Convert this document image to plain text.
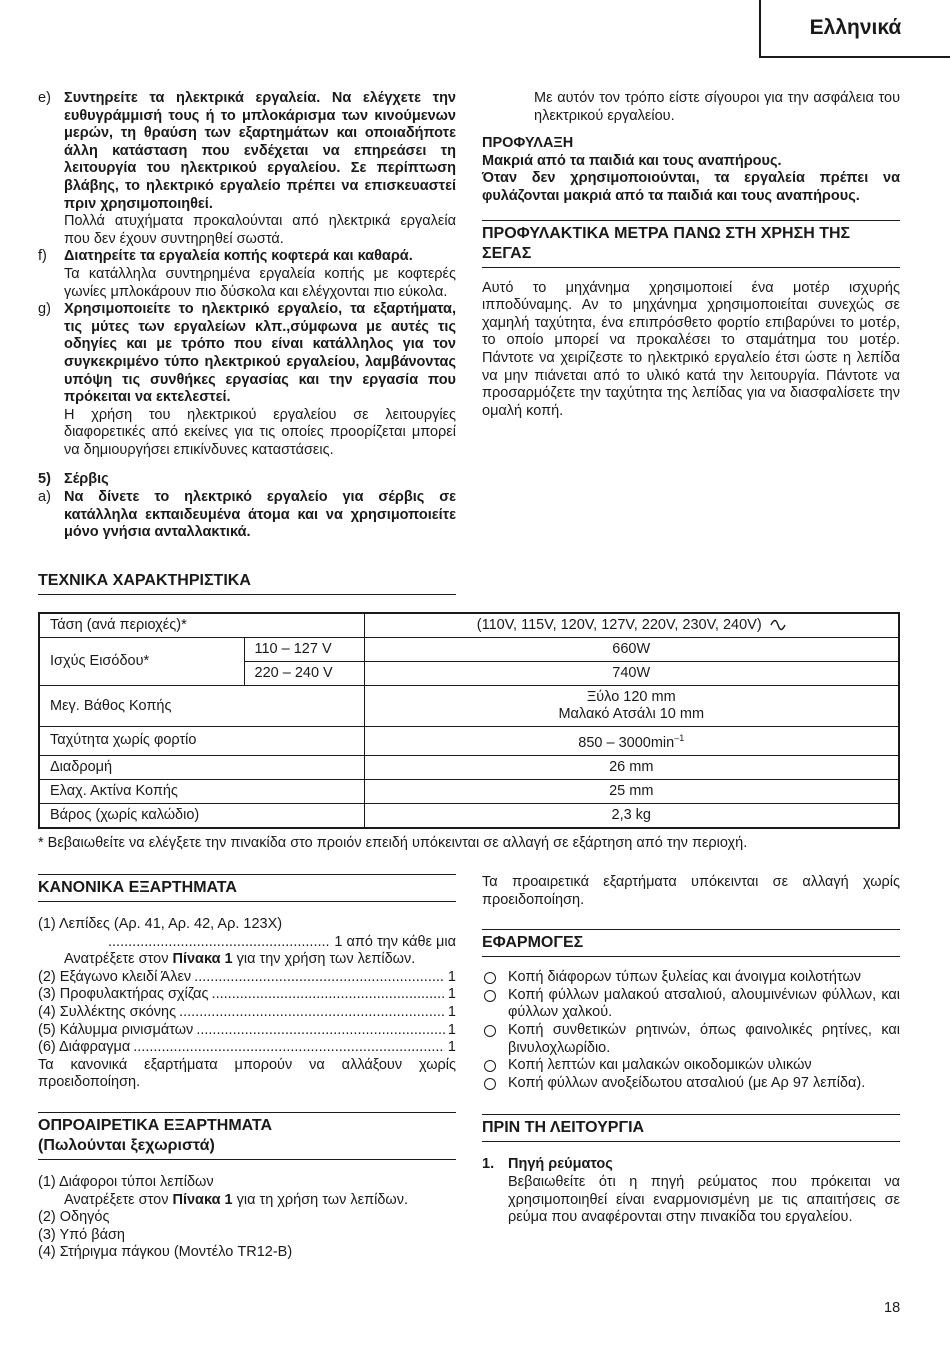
Ελληνικά
e) Συντηρείτε τα ηλεκτρικά εργαλεία. Να ελέγχετε την ευθυγράμμισή τους ή το μπλοκάρισμα των κινούμενων μερών, τη θραύση των εξαρτημάτων και οποιαδήποτε άλλη κατάσταση που ενδέχεται να επηρεάσει τη λειτουργία του ηλεκτρικού εργαλείου. Σε περίπτωση βλάβης, το ηλεκτρικό εργαλείο πρέπει να επισκευαστεί πριν χρησιμοποιηθεί.
Πολλά ατυχήματα προκαλούνται από ηλεκτρικά εργαλεία που δεν έχουν συντηρηθεί σωστά.
f)	Διατηρείτε τα εργαλεία κοπής κοφτερά και καθαρά.
Τα κατάλληλα συντηρημένα εργαλεία κοπής με κοφτερές γωνίες μπλοκάρουν πιο δύσκολα και ελέγχονται πιο εύκολα.
g) Χρησιμοποιείτε το ηλεκτρικό εργαλείο, τα εξαρτήματα, τις μύτες των εργαλείων κλπ.,σύμφωνα με αυτές τις οδηγίες και με τρόπο που είναι κατάλληλος για τον συγκεκριμένο τύπο ηλεκτρικού εργαλείου, λαμβάνοντας υπόψη τις συνθήκες εργασίας και την εργασία που πρόκειται να εκτελεστεί.
Η χρήση του ηλεκτρικού εργαλείου σε λειτουργίες διαφορετικές από εκείνες για τις οποίες προορίζεται μπορεί να δημιουργήσει επικίνδυνες καταστάσεις.
5) Σέρβις
a) Να δίνετε το ηλεκτρικό εργαλείο για σέρβις σε κατάλληλα εκπαιδευμένα άτομα και να χρησιμοποιείτε μόνο γνήσια ανταλλακτικά.
Με αυτόν τον τρόπο είστε σίγουροι για την ασφάλεια του ηλεκτρικού εργαλείου.
ΠΡΟΦΥΛΑΞΗ
Μακριά από τα παιδιά και τους αναπήρους.
Όταν δεν χρησιμοποιούνται, τα εργαλεία πρέπει να φυλάζονται μακριά από τα παιδιά και τους αναπήρους.
ΠΡΟΦΥΛΑΚΤΙΚΑ ΜΕΤΡΑ ΠΑΝΩ ΣΤΗ ΧΡΗΣΗ ΤΗΣ ΣΕΓΑΣ
Αυτό το μηχάνημα χρησιμοποιεί ένα μοτέρ ισχυρής ιπποδύναμης. Αν το μηχάνημα χρησιμοποιείται συνεχώς σε χαμηλή ταχύτητα, ένα επιπρόσθετο φορτίο επιβαρύνει το μοτέρ, το οποίο μπορεί να προκαλέσει το σταμάτημα του μοτέρ. Πάντοτε να χειρίζεστε το ηλεκτρικό εργαλείο έτσι ώστε η λεπίδα να μην πιάνεται από το υλικό κατά την λειτουργία. Πάντοτε να προσαρμόζετε την ταχύτητα της λεπίδας για να διασφαλίσετε την ομαλή κοπή.
ΤΕΧΝΙΚΑ ΧΑΡΑΚΤΗΡΙΣΤΙΚΑ
Τάση (ανά περιοχές)*		(110V, 115V, 120V, 127V, 220V, 230V, 240V)
Ισχύς Εισόδου*	110 – 127 V	660W
	220 – 240 V	740W
Μεγ. Βάθος Κοπής		Ξύλο 120 mm
Μαλακό Ατσάλι 10 mm

Ταχύτητα χωρίς φορτίο		$850 - 3000\min^{-1}$
Διαδρομή		26 mm
Ελαχ. Ακτίνα Κοπής		25 mm
Βάρος (χωρίς καλώδιο)		2,3 kg
* Βεβαιωθείτε να ελέγξετε την πινακίδα στο προιόν επειδή υπόκεινται σε αλλαγή σε εξάρτηση από την περιοχή.
ΚΑΝΟΝΙΚΑ ΕΞΑΡΤΗΜΑΤΑ
(1) Λεπίδες (Αρ. 41, Αρ. 42, Αρ. 123X)
.....
1 από την κάθε μια
Ανατρέξετε στον Πίνακα 1 για την χρήση των λεπίδων.
(2) Εξάγωνο κλειδί Άλεν .....	1
(3) Προφυλακτήρας σχίζας .....	1
(4) Συλλέκτης σκόνης .....	1
(5) Κάλυμμα ρινισμάτων .....	1
(6) Διάφραγμα .....	1
Τα κανονικά εξαρτήματα μπορούν να αλλάξουν χωρίς προειδοποίηση.
ΟΠΡΟΑΙΡΕΤΙΚΑ ΕΞΑΡΤΗΜΑΤΑ
(Πωλούνται ξεχωριστά)
(1) Διάφοροι τύποι λεπίδων
Ανατρέξετε στον Πίνακα 1 για τη χρήση των λεπίδων.
(2) Οδηγός
(3) Υπό βάση
(4) Στήριγμα πάγκου (Μοντέλο TR12-B)
Τα προαιρετικά εξαρτήματα υπόκεινται σε αλλαγή χωρίς προειδοποίηση.
ΕΦΑΡΜΟΓΕΣ
Κοπή διάφορων τύπων ξυλείας και άνοιγμα κοιλοτήτων
Κοπή φύλλων μαλακού ατσαλιού, αλουμινένιων φύλλων, και φύλλων χαλκού.
Κοπή συνθετικών ρητινών, όπως φαινολικές ρητίνες, και βινυλοχλωρίδιο.
Κοπή λεπτών και μαλακών οικοδομικών υλικών
Κοπή φύλλων ανοξείδωτου ατσαλιού (με Αρ 97 λεπίδα).
ΠΡΙΝ ΤΗ ΛΕΙΤΟΥΡΓΙΑ
1. Πηγή ρεύματος
Βεβαιωθείτε ότι η πηγή ρεύματος που πρόκειται να χρησιμοποιηθεί είναι εναρμονισμένη με τις απαιτήσεις σε ρεύμα που αναφέρονται στην πινακίδα του εργαλείου.
18
